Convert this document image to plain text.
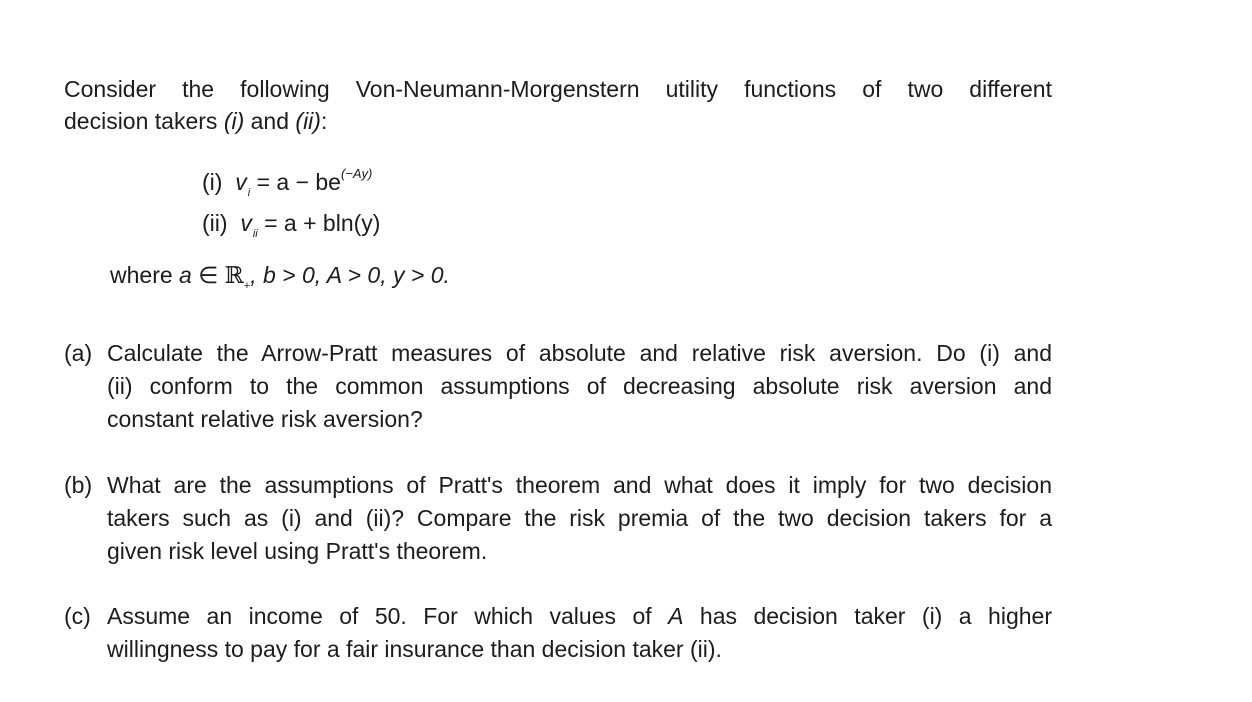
Consider the following Von-Neumann-Morgenstern utility functions of two different
decision takers (i) and (ii):
(i) $v_i = a - be^{(-Ay)}$
(ii) $v_{ii} = a + bln(y)$
where a ∈ ℝ$_+$, b > 0, A > 0, y > 0.
(a) Calculate the Arrow-Pratt measures of absolute and relative risk aversion. Do (i) and
(ii) conform to the common assumptions of decreasing absolute risk aversion and
constant relative risk aversion?
(b) What are the assumptions of Pratt's theorem and what does it imply for two decision
takers such as (i) and (ii)? Compare the risk premia of the two decision takers for a
given risk level using Pratt's theorem.
(c) Assume an income of 50. For which values of A has decision taker (i) a higher
willingness to pay for a fair insurance than decision taker (ii).
